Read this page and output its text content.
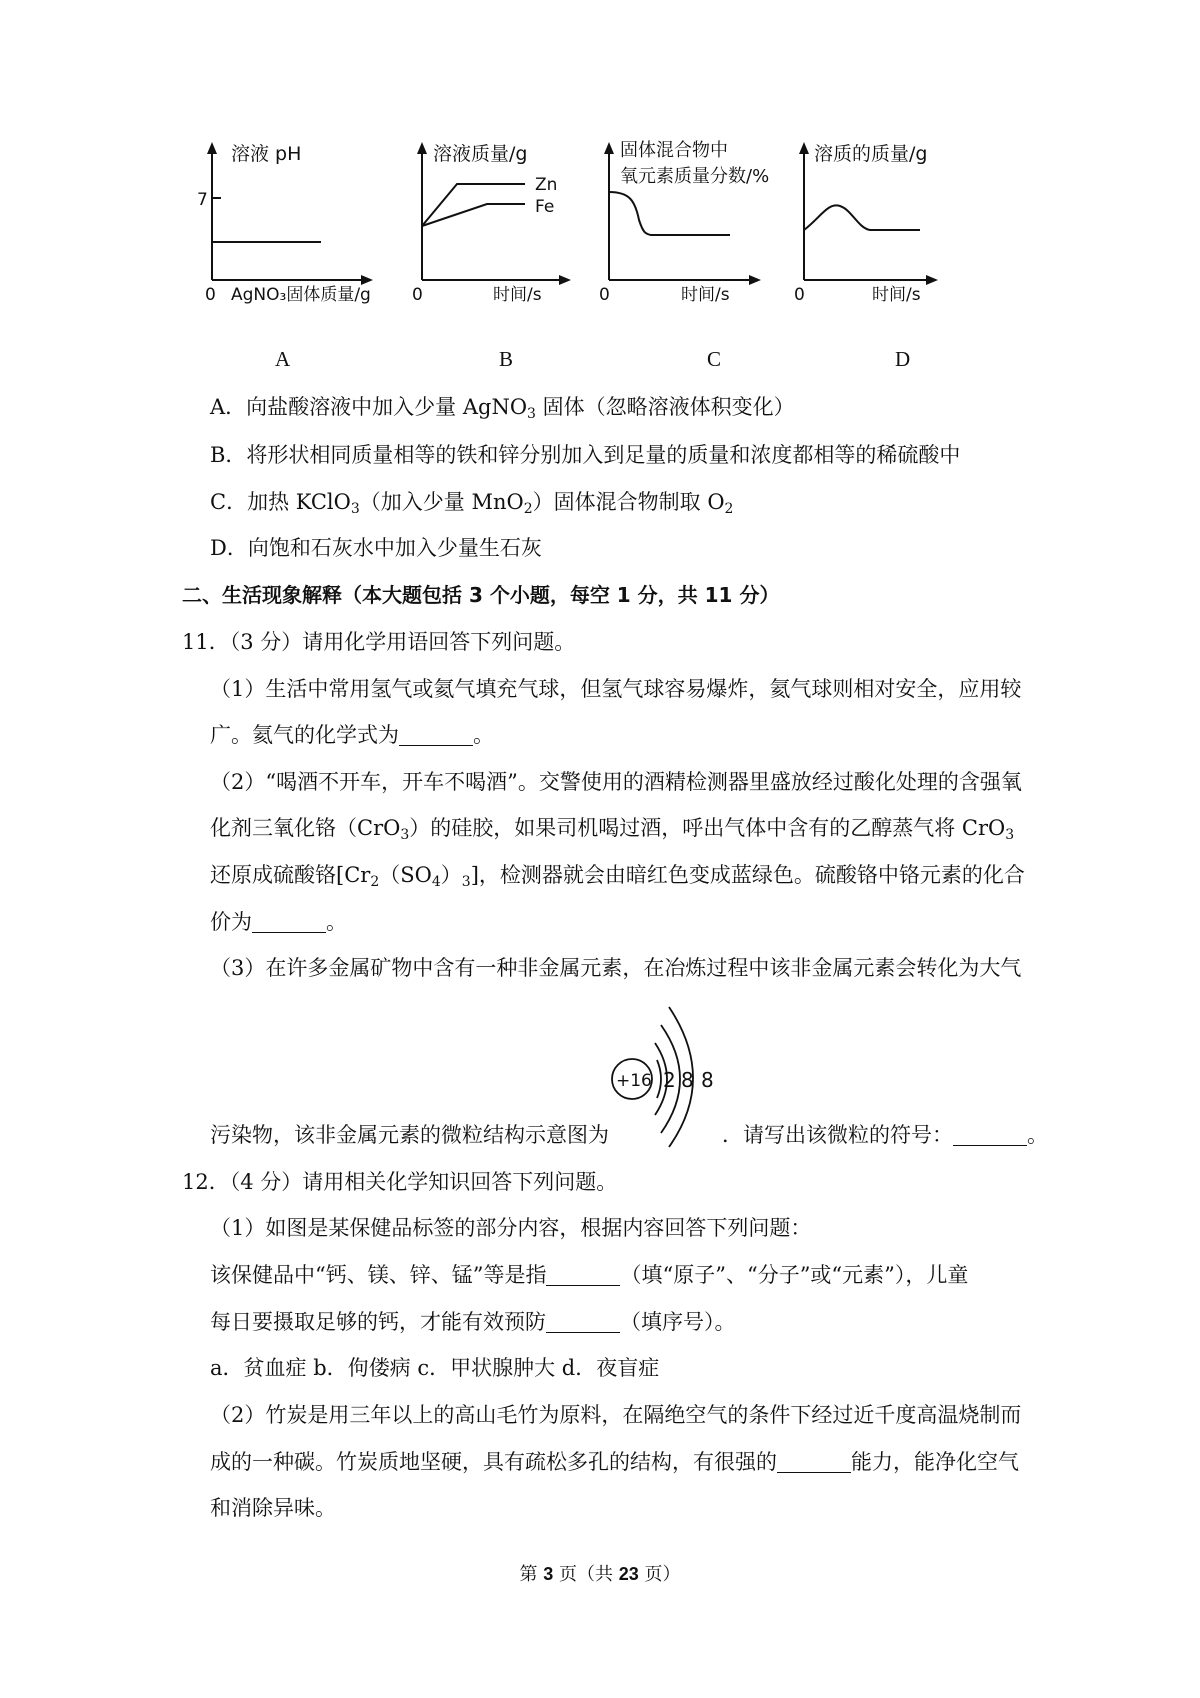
溶液 pH
7
0 AgNO₃固体质量/g
溶液质量/g
Zn
Fe
0	时间/s
固体混合物中
氧元素质量分数/%
0	时间/s
溶质的质量/g
0	时间/s
A	B	C	D
A．向盐酸溶液中加入少量 AgNO$_3$ 固体（忽略溶液体积变化）
B．将形状相同质量相等的铁和锌分别加入到足量的质量和浓度都相等的稀硫酸中
C．加热 KClO$_3$（加入少量 MnO$_2$）固体混合物制取 $O_2$
D．向饱和石灰水中加入少量生石灰
二、生活现象解释（本大题包括 3 个小题，每空 1 分，共 11 分）
11．（3 分）请用化学用语回答下列问题。
（1）生活中常用氢气或氦气填充气球，但氢气球容易爆炸，氦气球则相对安全，应用较
广。氦气的化学式为	。
（2）“喝酒不开车，开车不喝酒”。交警使用的酒精检测器里盛放经过酸化处理的含强氧
化剂三氧化铬（CrO$_3$）的硅胶，如果司机喝过酒，呼出气体中含有的乙醇蒸气将 CrO$_3$
还原成硫酸铬$[Cr_2(SO_4)_3]$，检测器就会由暗红色变成蓝绿色。硫酸铬中铬元素的化合
价为	。
（3）在许多金属矿物中含有一种非金属元素，在冶炼过程中该非金属元素会转化为大气
+16 2 8 8
污染物，该非金属元素的微粒结构示意图为	．请写出该微粒的符号：	。
12．（4 分）请用相关化学知识回答下列问题。
（1）如图是某保健品标签的部分内容，根据内容回答下列问题：
该保健品中“钙、镁、锌、锰”等是指	（填“原子”、“分子”或“元素”），儿童
每日要摄取足够的钙，才能有效预防	（填序号）。
a．贫血症 b．佝偻病 c．甲状腺肿大 d．夜盲症
（2）竹炭是用三年以上的高山毛竹为原料，在隔绝空气的条件下经过近千度高温烧制而
成的一种碳。竹炭质地坚硬，具有疏松多孔的结构，有很强的	能力，能净化空气
和消除异味。
第 3 页（共 23 页）
